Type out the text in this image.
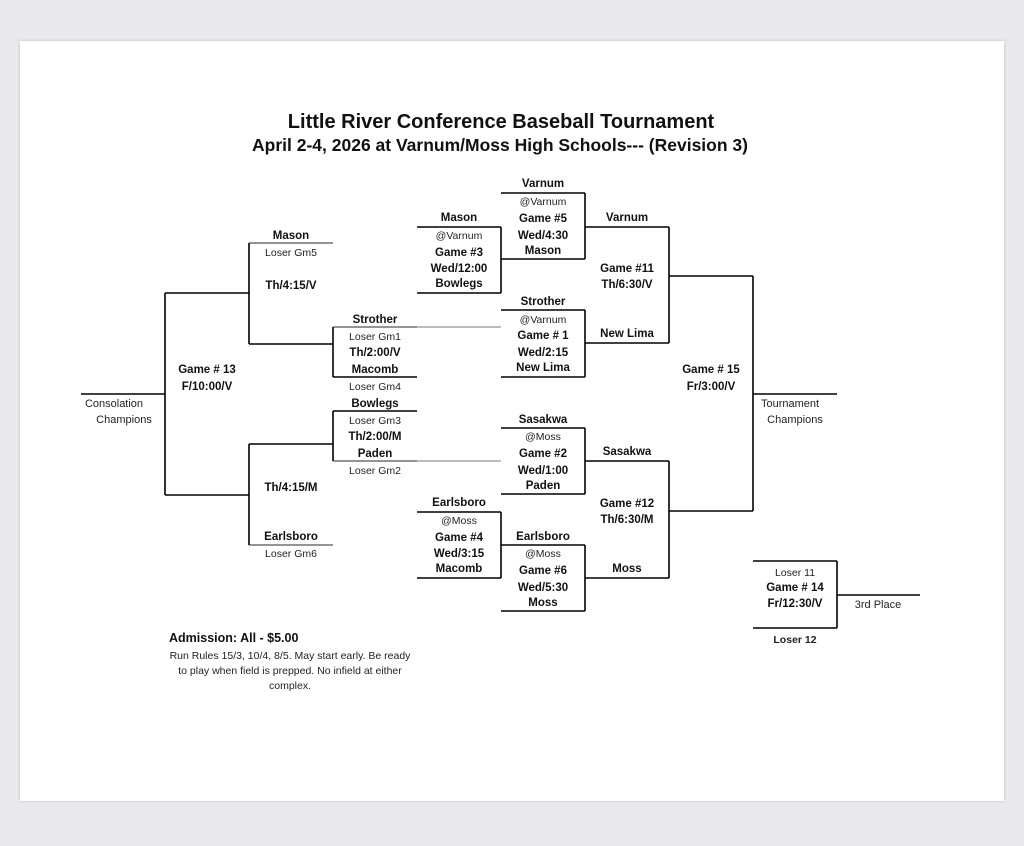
Little River Conference Baseball Tournament
April 2-4, 2026 at Varnum/Moss High Schools--- (Revision 3)
Varnum
@Varnum
Game #5
Wed/4:30
Mason
Mason
@Varnum
Game #3
Wed/12:00
Bowlegs
Strother
@Varnum
Game # 1
Wed/2:15
New Lima
Sasakwa
@Moss
Game #2
Wed/1:00
Paden
Earlsboro
@Moss
Game #4
Wed/3:15
Macomb
Earlsboro
@Moss
Game #6
Wed/5:30
Moss
Varnum
Game #11
Th/6:30/V
New Lima
Sasakwa
Game #12
Th/6:30/M
Moss
Game # 15
Fr/3:00/V
Tournament
Champions
Loser 11
Game # 14
Fr/12:30/V
Loser 12
3rd Place
Strother
Loser Gm1
Th/2:00/V
Macomb
Loser Gm4
Bowlegs
Loser Gm3
Th/2:00/M
Paden
Loser Gm2
Mason
Loser Gm5
Th/4:15/V
Th/4:15/M
Earlsboro
Loser Gm6
Game # 13
F/10:00/V
Consolation
Champions
Admission: All - $5.00
Run Rules 15/3, 10/4, 8/5. May start early. Be ready to play when field is prepped. No infield at either complex.
